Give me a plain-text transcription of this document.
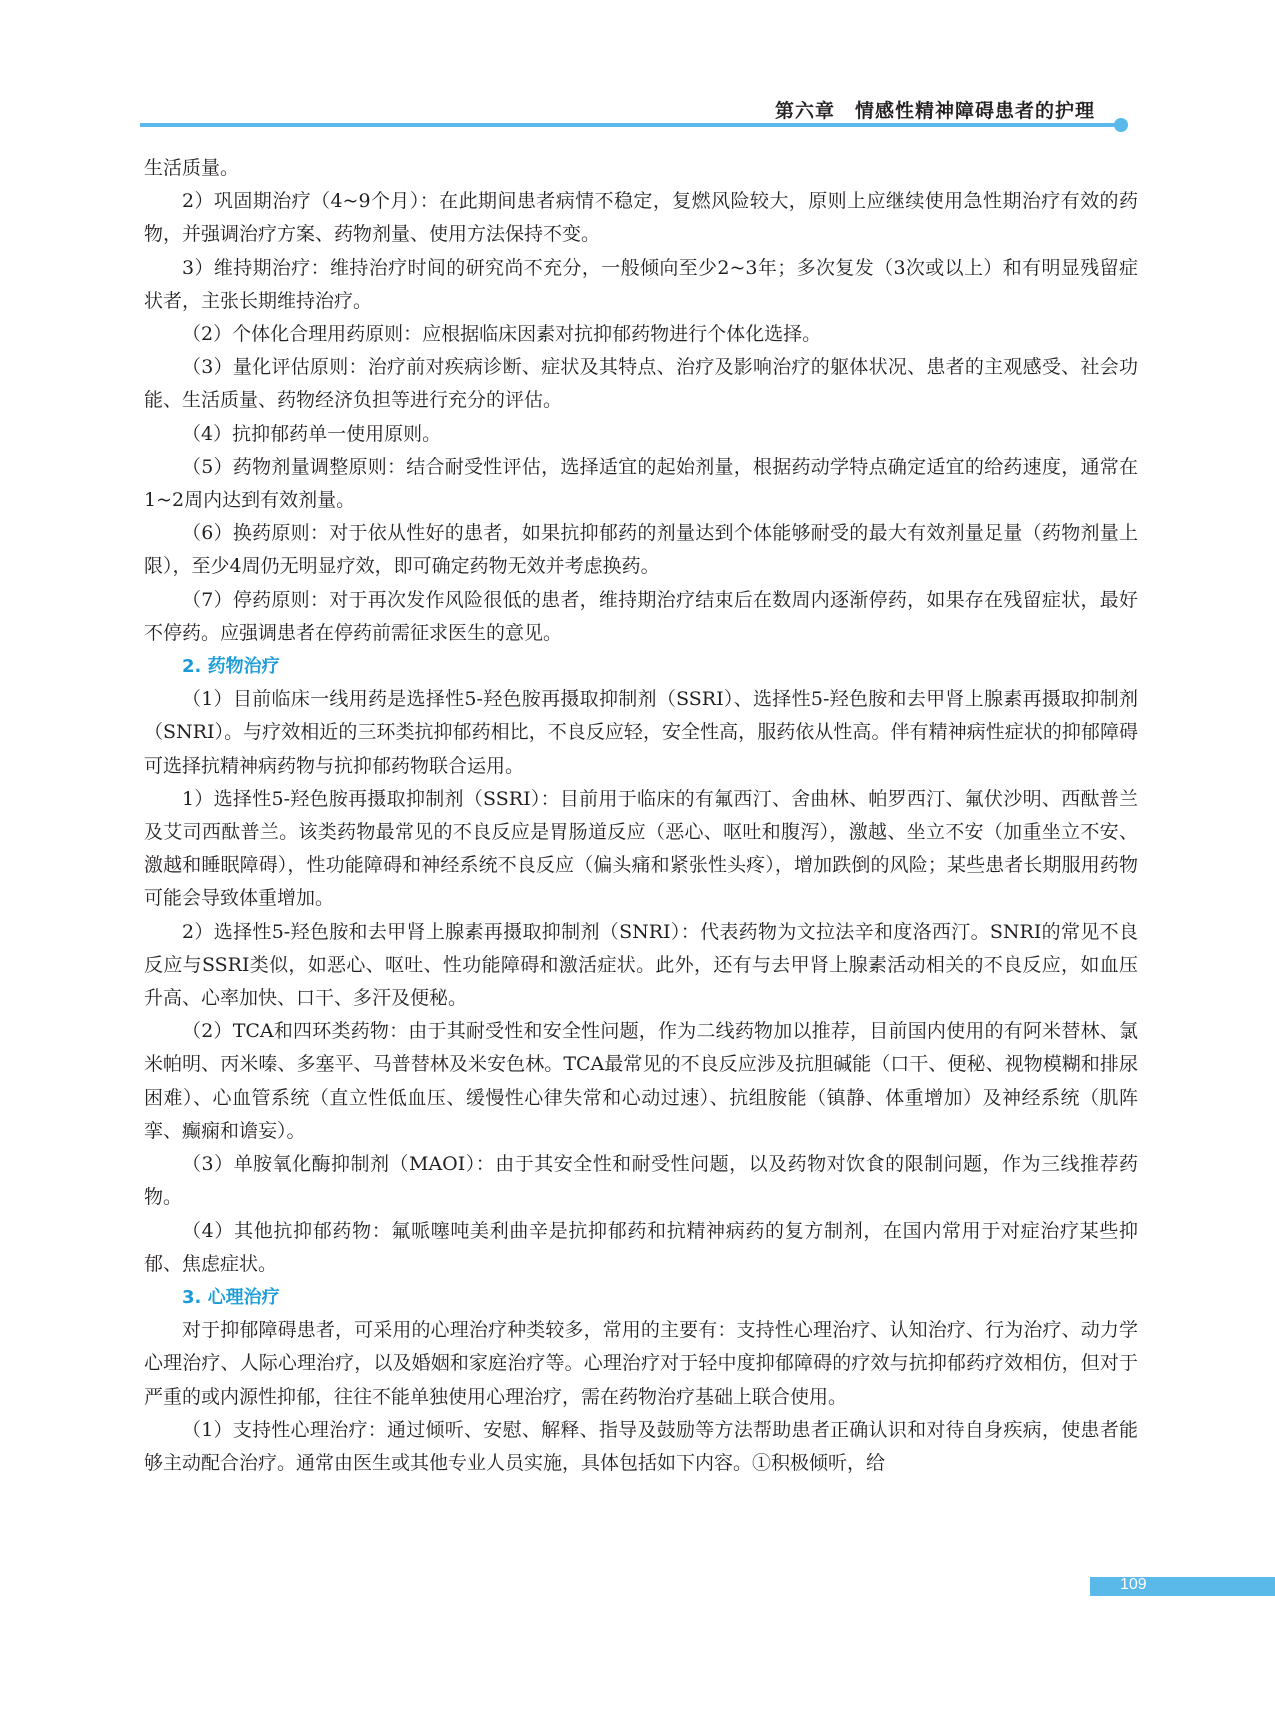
第六章　情感性精神障碍患者的护理

生活质量。

2）巩固期治疗（4~9个月）：在此期间患者病情不稳定，复燃风险较大，原则上应继续使用急性期治疗有效的药物，并强调治疗方案、药物剂量、使用方法保持不变。

3）维持期治疗：维持治疗时间的研究尚不充分，一般倾向至少2~3年；多次复发（3次或以上）和有明显残留症状者，主张长期维持治疗。

（2）个体化合理用药原则：应根据临床因素对抗抑郁药物进行个体化选择。

（3）量化评估原则：治疗前对疾病诊断、症状及其特点、治疗及影响治疗的躯体状况、患者的主观感受、社会功能、生活质量、药物经济负担等进行充分的评估。

（4）抗抑郁药单一使用原则。

（5）药物剂量调整原则：结合耐受性评估，选择适宜的起始剂量，根据药动学特点确定适宜的给药速度，通常在1~2周内达到有效剂量。

（6）换药原则：对于依从性好的患者，如果抗抑郁药的剂量达到个体能够耐受的最大有效剂量足量（药物剂量上限），至少4周仍无明显疗效，即可确定药物无效并考虑换药。

（7）停药原则：对于再次发作风险很低的患者，维持期治疗结束后在数周内逐渐停药，如果存在残留症状，最好不停药。应强调患者在停药前需征求医生的意见。

2. 药物治疗

（1）目前临床一线用药是选择性5-羟色胺再摄取抑制剂（SSRI）、选择性5-羟色胺和去甲肾上腺素再摄取抑制剂（SNRI）。与疗效相近的三环类抗抑郁药相比，不良反应轻，安全性高，服药依从性高。伴有精神病性症状的抑郁障碍可选择抗精神病药物与抗抑郁药物联合运用。

1）选择性5-羟色胺再摄取抑制剂（SSRI）：目前用于临床的有氟西汀、舍曲林、帕罗西汀、氟伏沙明、西酞普兰及艾司西酞普兰。该类药物最常见的不良反应是胃肠道反应（恶心、呕吐和腹泻），激越、坐立不安（加重坐立不安、激越和睡眠障碍），性功能障碍和神经系统不良反应（偏头痛和紧张性头疼），增加跌倒的风险；某些患者长期服用药物可能会导致体重增加。

2）选择性5-羟色胺和去甲肾上腺素再摄取抑制剂（SNRI）：代表药物为文拉法辛和度洛西汀。SNRI的常见不良反应与SSRI类似，如恶心、呕吐、性功能障碍和激活症状。此外，还有与去甲肾上腺素活动相关的不良反应，如血压升高、心率加快、口干、多汗及便秘。

（2）TCA和四环类药物：由于其耐受性和安全性问题，作为二线药物加以推荐，目前国内使用的有阿米替林、氯米帕明、丙米嗪、多塞平、马普替林及米安色林。TCA最常见的不良反应涉及抗胆碱能（口干、便秘、视物模糊和排尿困难）、心血管系统（直立性低血压、缓慢性心律失常和心动过速）、抗组胺能（镇静、体重增加）及神经系统（肌阵挛、癫痫和谵妄）。

（3）单胺氧化酶抑制剂（MAOI）：由于其安全性和耐受性问题，以及药物对饮食的限制问题，作为三线推荐药物。

（4）其他抗抑郁药物：氟哌噻吨美利曲辛是抗抑郁药和抗精神病药的复方制剂，在国内常用于对症治疗某些抑郁、焦虑症状。

3. 心理治疗

对于抑郁障碍患者，可采用的心理治疗种类较多，常用的主要有：支持性心理治疗、认知治疗、行为治疗、动力学心理治疗、人际心理治疗，以及婚姻和家庭治疗等。心理治疗对于轻中度抑郁障碍的疗效与抗抑郁药疗效相仿，但对于严重的或内源性抑郁，往往不能单独使用心理治疗，需在药物治疗基础上联合使用。

（1）支持性心理治疗：通过倾听、安慰、解释、指导及鼓励等方法帮助患者正确认识和对待自身疾病，使患者能够主动配合治疗。通常由医生或其他专业人员实施，具体包括如下内容。①积极倾听，给

109
